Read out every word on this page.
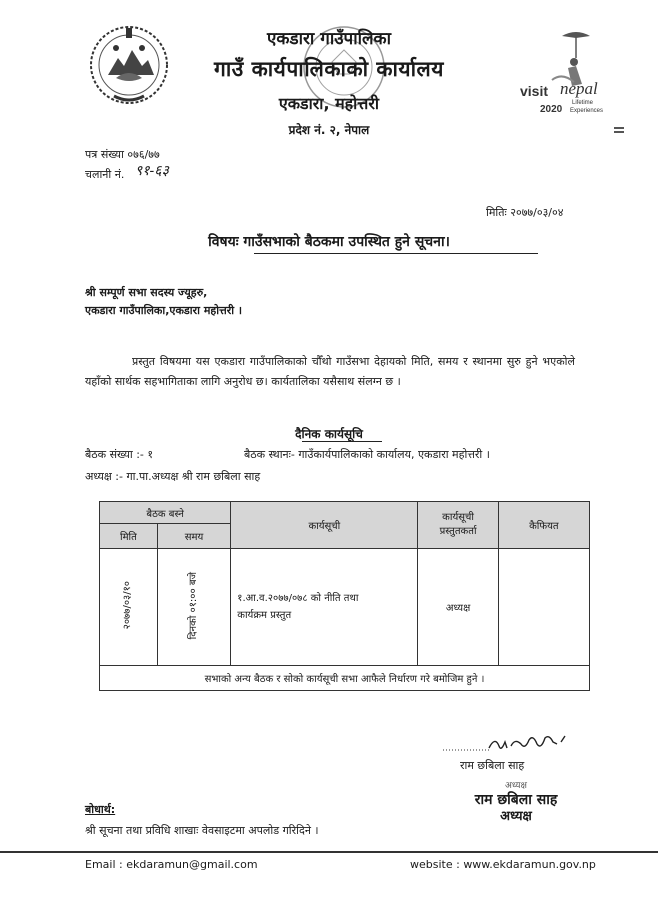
visit nepal
2020
Lifetime
Experiences
एकडारा गाउँपालिका
गाउँ कार्यपालिकाको कार्यालय
एकडारा, महोत्तरी
प्रदेश नं. २, नेपाल
पत्र संख्या ०७६/७७
चलानी नं. ९१-६३
मितिः २०७७/०३/०४
विषयः गाउँसभाको बैठकमा उपस्थित हुने सूचना।
श्री सम्पूर्ण सभा सदस्य ज्यूहरु,
एकडारा गाउँपालिका,एकडारा महोत्तरी ।
प्रस्तुत विषयमा यस एकडारा गाउँपालिकाको चौँथो गाउँसभा देहायको मिति, समय र स्थानमा सुरु हुने भएकोले यहाँको सार्थक सहभागिताका लागि अनुरोध छ। कार्यतालिका यसैसाथ संलग्न छ ।
दैनिक कार्यसूचि
बैठक संख्या :- १	बैठक स्थानः- गाउँकार्यपालिकाको कार्यालय, एकडारा महोत्तरी ।
अध्यक्ष :- गा.पा.अध्यक्ष श्री राम छबिला साह
बैठक बस्ने		कार्यसूची	कार्यसूची प्रस्तुतकर्ता	कैफियत
मिति	समय			
२०७७/०३/१०	दिनको ०१:०० बजे	१.आ.व.२०७७/०७८ को नीति तथा कार्यक्रम प्रस्तुत	अध्यक्ष	
सभाको अन्य बैठक र सोको कार्यसूची सभा आफैले निर्धारण गरे बमोजिम हुने ।				
राम छबिला साह
अध्यक्ष
राम छबिला साह
अध्यक्ष
बोधार्थ:
श्री सूचना तथा प्रविधि शाखाः वेवसाइटमा अपलोड गरिदिने ।
Email : ekdaramun@gmail.com	website : www.ekdaramun.gov.np
